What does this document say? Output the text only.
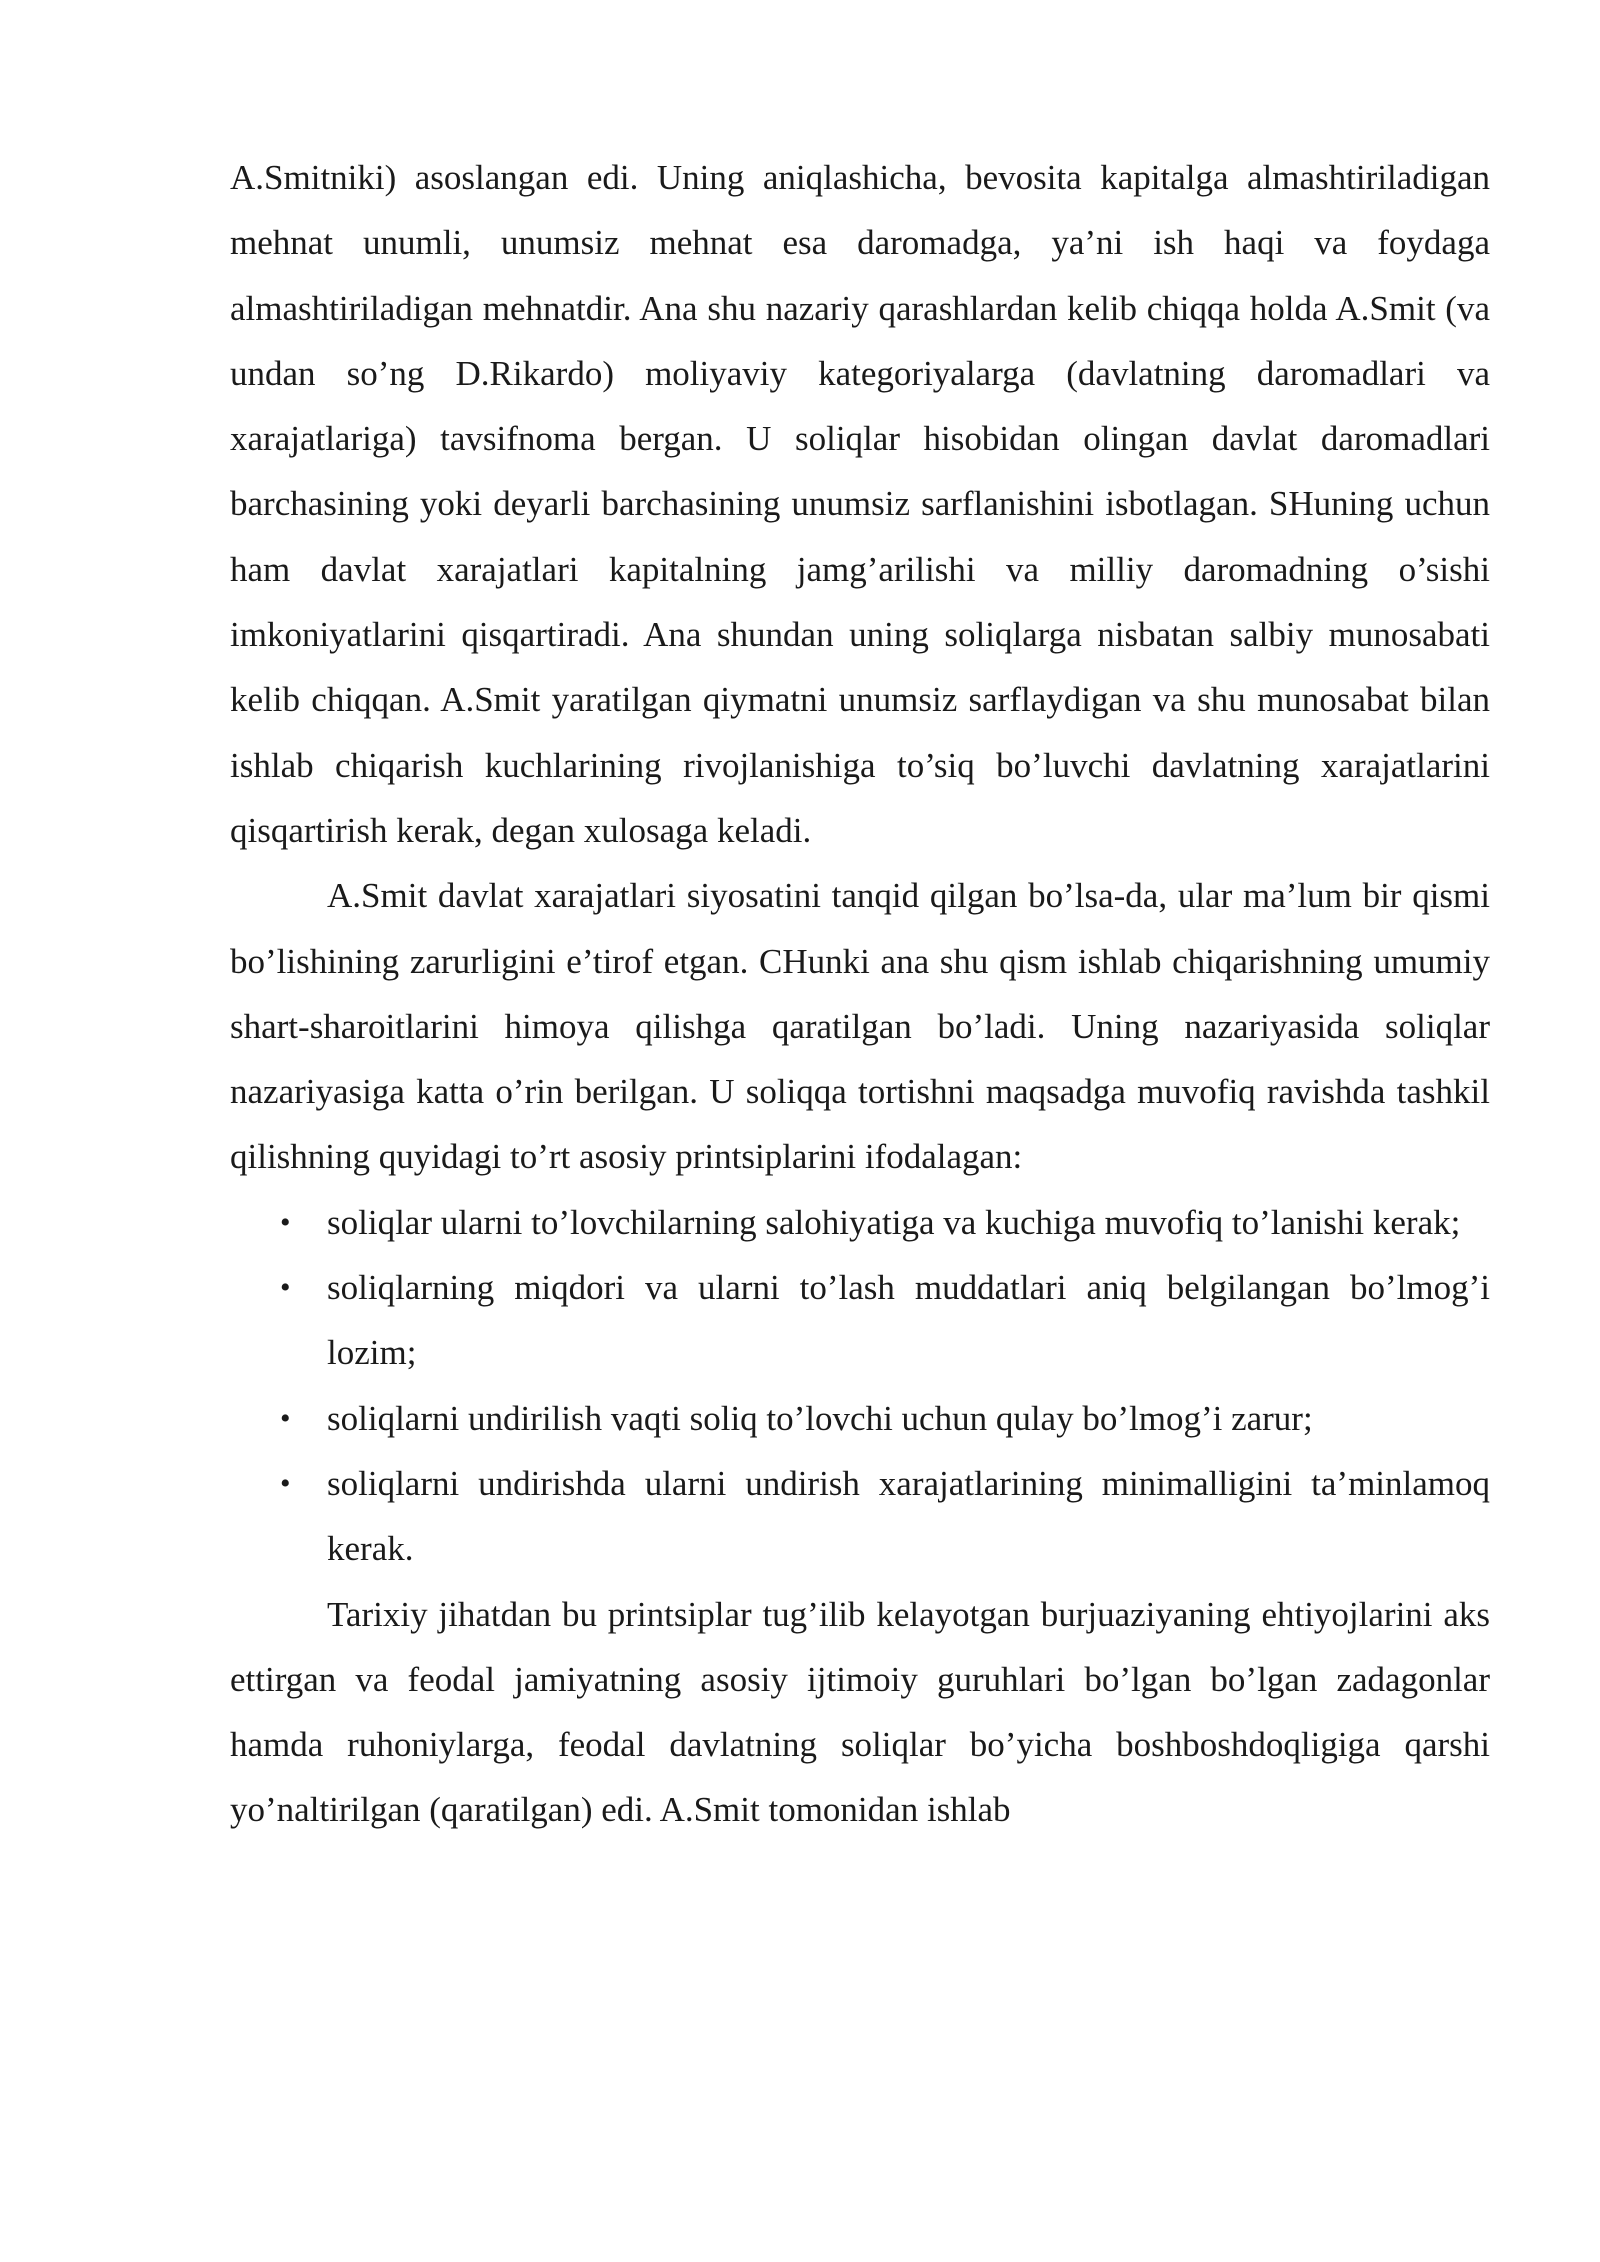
A.Smitniki) asoslangan edi. Uning aniqlashicha, bevosita kapitalga almashtiriladigan mehnat unumli, unumsiz mehnat esa daromadga, ya’ni ish haqi va foydaga almashtiriladigan mehnatdir. Ana shu nazariy qarashlardan kelib chiqqa holda A.Smit (va undan so’ng D.Rikardo) moliyaviy kategoriyalarga (davlatning daromadlari va xarajatlariga) tavsifnoma bergan. U soliqlar hisobidan olingan davlat daromadlari barchasining yoki deyarli barchasining unumsiz sarflanishini isbotlagan. SHuning uchun ham davlat xarajatlari kapitalning jamg’arilishi va milliy daromadning o’sishi imkoniyatlarini qisqartiradi. Ana shundan uning soliqlarga nisbatan salbiy munosabati kelib chiqqan. A.Smit yaratilgan qiymatni unumsiz sarflaydigan va shu munosabat bilan ishlab chiqarish kuchlarining rivojlanishiga to’siq bo’luvchi davlatning xarajatlarini qisqartirish kerak, degan xulosaga keladi.

A.Smit davlat xarajatlari siyosatini tanqid qilgan bo’lsa-da, ular ma’lum bir qismi bo’lishining zarurligini e’tirof etgan. CHunki ana shu qism ishlab chiqarishning umumiy shart-sharoitlarini himoya qilishga qaratilgan bo’ladi. Uning nazariyasida soliqlar nazariyasiga katta o’rin berilgan. U soliqqa tortishni maqsadga muvofiq ravishda tashkil qilishning quyidagi to’rt asosiy printsiplarini ifodalagan:

• soliqlar ularni to’lovchilarning salohiyatiga va kuchiga muvofiq to’lanishi kerak;
• soliqlarning miqdori va ularni to’lash muddatlari aniq belgilangan bo’lmog’i lozim;
• soliqlarni undirilish vaqti soliq to’lovchi uchun qulay bo’lmog’i zarur;
• soliqlarni undirishda ularni undirish xarajatlarining minimalligini ta’minlamoq kerak.

Tarixiy jihatdan bu printsiplar tug’ilib kelayotgan burjuaziyaning ehtiyojlarini aks ettirgan va feodal jamiyatning asosiy ijtimoiy guruhlari bo’lgan bo’lgan zadagonlar hamda ruhoniylarga, feodal davlatning soliqlar bo’yicha boshboshdoqligiga qarshi yo’naltirilgan (qaratilgan) edi. A.Smit tomonidan ishlab
